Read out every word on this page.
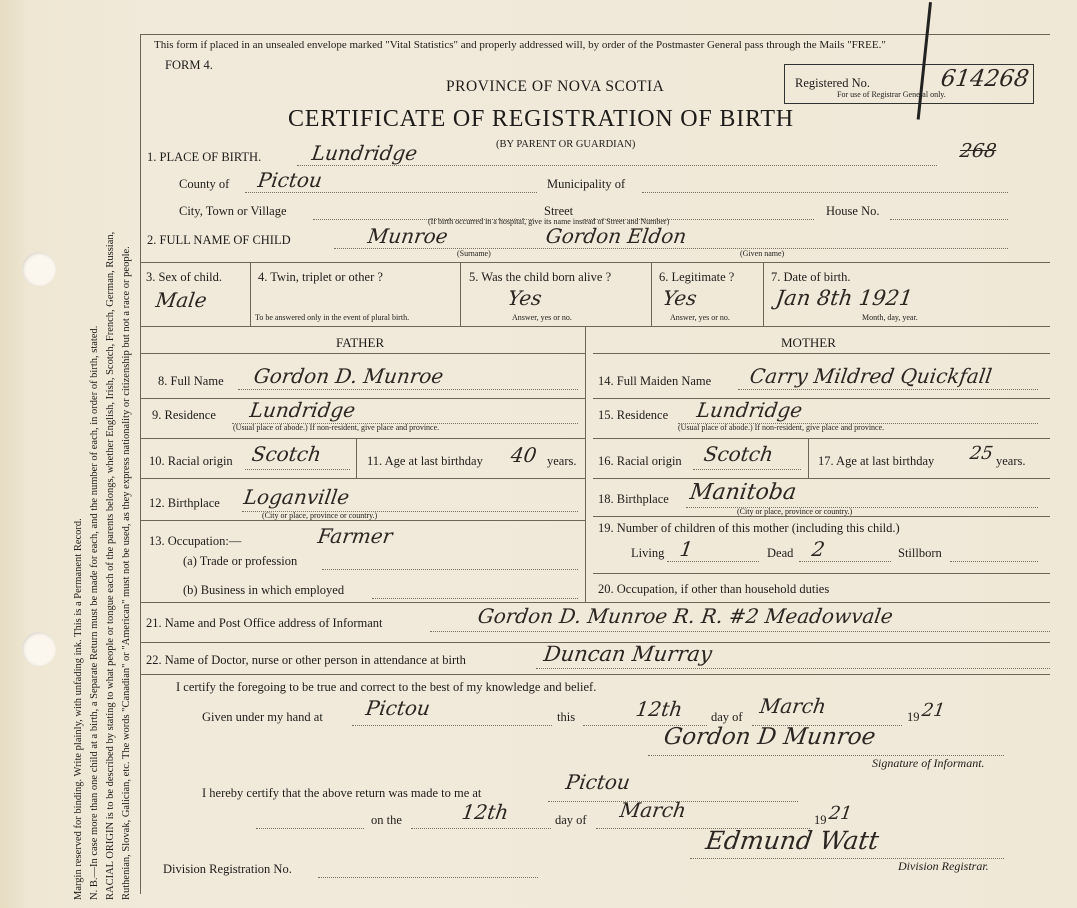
Margin reserved for binding. Write plainly, with unfading ink. This is a Permanent Record. N. B.—In case more than one child at a birth, a Separate Return must be made for each, and the number of each, in order of birth, stated. RACIAL ORIGIN is to be described by stating to what people or tongue each of the parents belongs, whether English, Irish, Scotch, French, German, Russian, Ruthenian, Slovak, Galician, etc. The words "Canadian" or "American" must not be used, as they express nationality or citizenship but not a race or people.
This form if placed in an unsealed envelope marked "Vital Statistics" and properly addressed will, by order of the Postmaster General pass through the Mails "FREE."
FORM 4.
PROVINCE OF NOVA SCOTIA
CERTIFICATE OF REGISTRATION OF BIRTH
(BY PARENT OR GUARDIAN)
Registered No.	614268
For use of Registrar General only.
268
1. PLACE OF BIRTH. Lundridge
County of Pictou	Municipality of
City, Town or Village	Street	House No.
(If birth occurred in a hospital, give its name instead of Street and Number)
2. FULL NAME OF CHILD	Munroe	Gordon Eldon
(Surname)	(Given name)
3. Sex of child.
Male
4. Twin, triplet or other ?
To be answered only in the event of plural birth.
5. Was the child born alive ?
Yes
Answer, yes or no.
6. Legitimate ?
Yes
Answer, yes or no.
7. Date of birth.
Jan 8th 1921
Month, day, year.
FATHER	MOTHER
8. Full Name Gordon D. Munroe
9. Residence Lundridge
(Usual place of abode.) If non-resident, give place and province.
10. Racial origin Scotch	11. Age at last birthday 40 years.
12. Birthplace Loganville
(City or place, province or country.)
13. Occupation:—	Farmer
(a) Trade or profession
(b) Business in which employed
14. Full Maiden Name Carry Mildred Quickfall
15. Residence Lundridge
(Usual place of abode.) If non-resident, give place and province.
16. Racial origin Scotch	17. Age at last birthday 25 years.
18. Birthplace Manitoba
(City or place, province or country.)
19. Number of children of this mother (including this child.)
Living 1	Dead 2	Stillborn
20. Occupation, if other than household duties
21. Name and Post Office address of Informant	Gordon D. Munroe R. R. #2 Meadowvale
22. Name of Doctor, nurse or other person in attendance at birth	Duncan Murray
I certify the foregoing to be true and correct to the best of my knowledge and belief.
Given under my hand at Pictou	this	12th day of March	19 21
Gordon D Munroe
Signature of Informant.
I hereby certify that the above return was made to me at	Pictou
on the	12th	day of March	19 21
Edmund Watt
Division Registrar.
Division Registration No.
